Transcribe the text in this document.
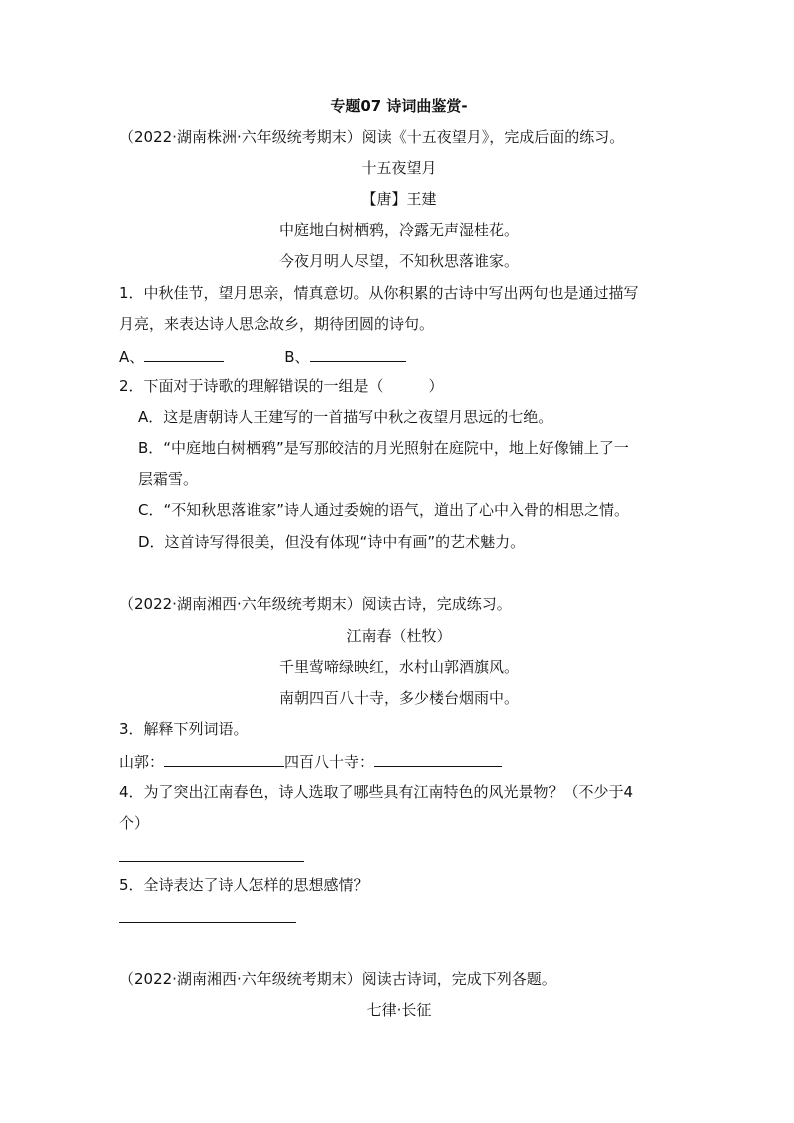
专题07 诗词曲鉴赏-
（2022·湖南株洲·六年级统考期末）阅读《十五夜望月》，完成后面的练习。
十五夜望月
【唐】王建
中庭地白树栖鸦，冷露无声湿桂花。
今夜月明人尽望，不知秋思落谁家。
1．中秋佳节，望月思亲，情真意切。从你积累的古诗中写出两句也是通过描写
月亮，来表达诗人思念故乡，期待团圆的诗句。
A、	B、
2．下面对于诗歌的理解错误的一组是（　　　）
A．这是唐朝诗人王建写的一首描写中秋之夜望月思远的七绝。
B．“中庭地白树栖鸦”是写那皎洁的月光照射在庭院中，地上好像铺上了一
层霜雪。
C．“不知秋思落谁家”诗人通过委婉的语气，道出了心中入骨的相思之情。
D．这首诗写得很美，但没有体现“诗中有画”的艺术魅力。
（2022·湖南湘西·六年级统考期末）阅读古诗，完成练习。
江南春（杜牧）
千里莺啼绿映红，水村山郭酒旗风。
南朝四百八十寺，多少楼台烟雨中。
3．解释下列词语。
山郭：	四百八十寺：
4．为了突出江南春色，诗人选取了哪些具有江南特色的风光景物？（不少于4
个）
5．全诗表达了诗人怎样的思想感情？
（2022·湖南湘西·六年级统考期末）阅读古诗词，完成下列各题。
七律·长征
